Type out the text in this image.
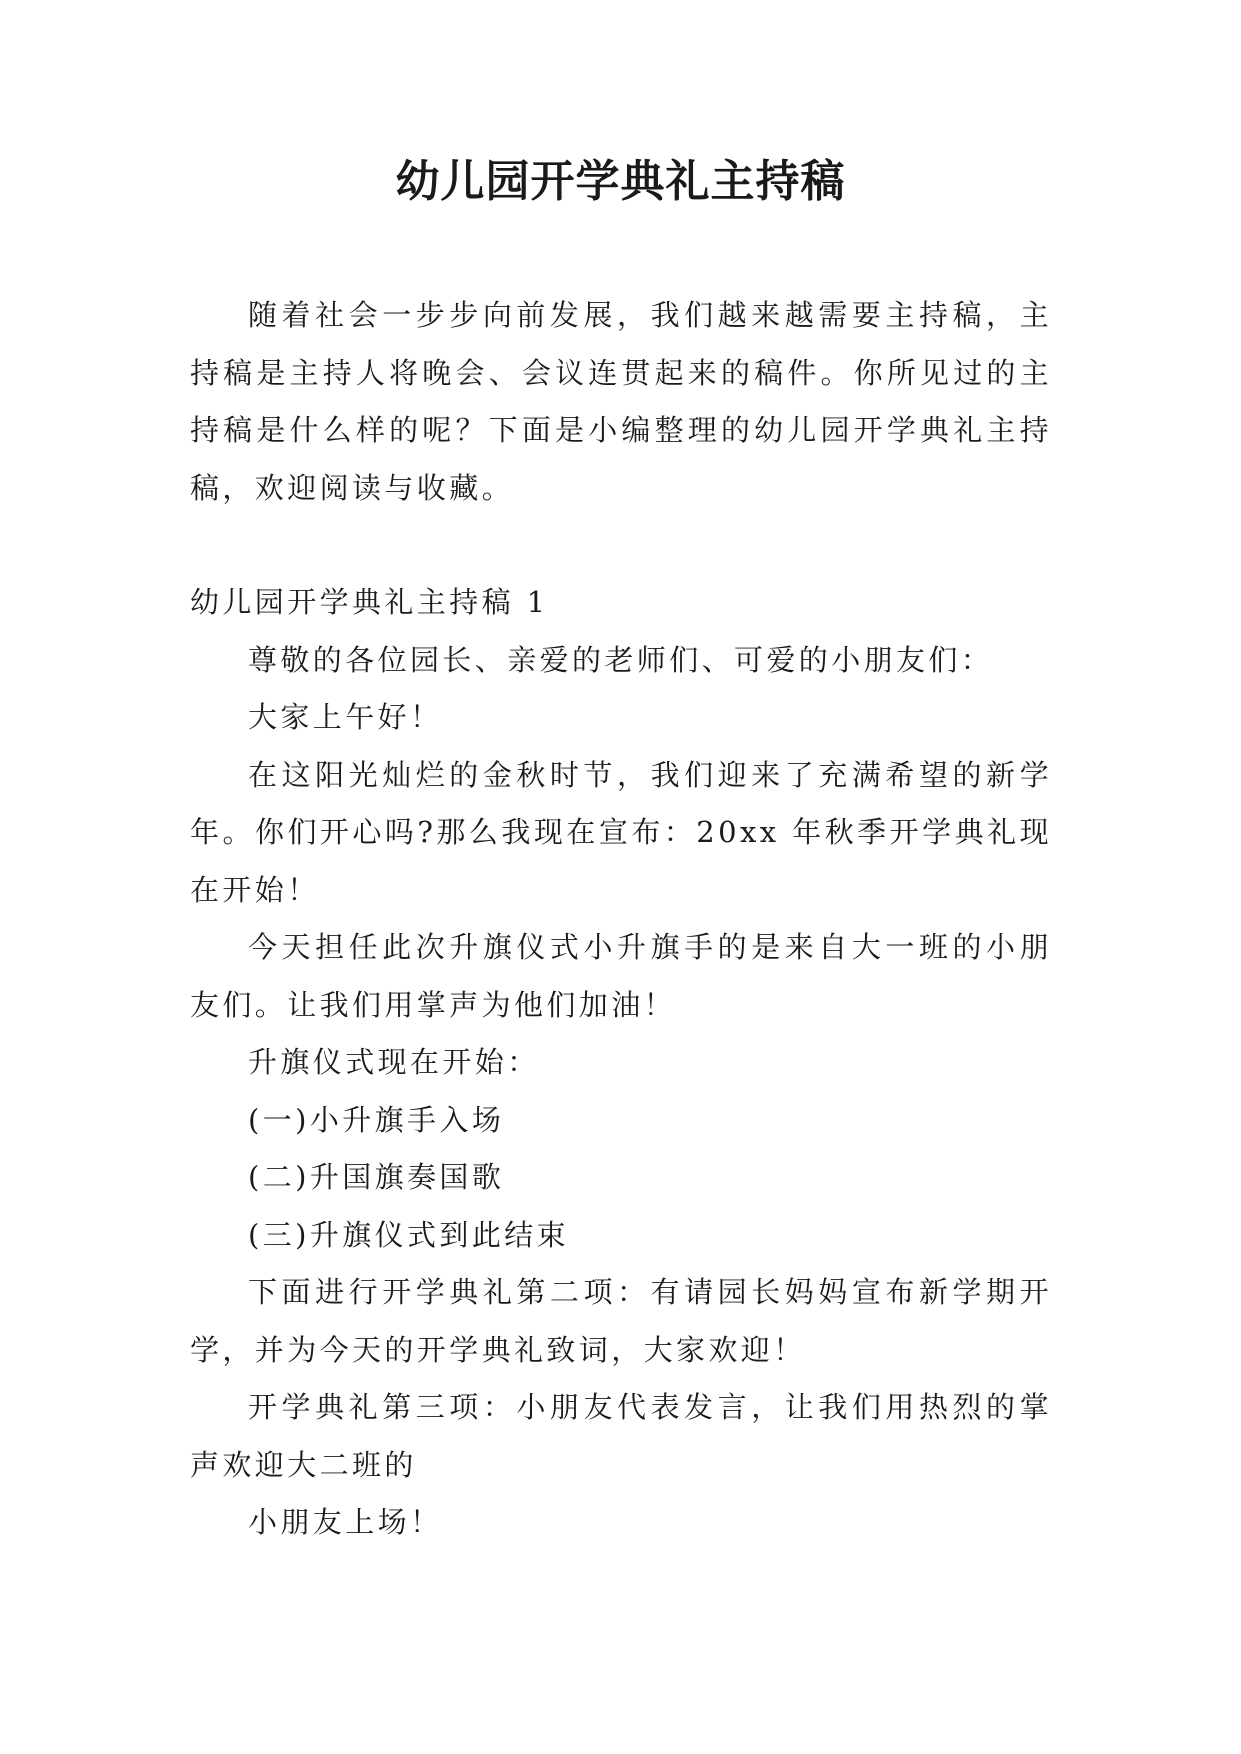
幼儿园开学典礼主持稿

随着社会一步步向前发展，我们越来越需要主持稿，主持稿是主持人将晚会、会议连贯起来的稿件。你所见过的主持稿是什么样的呢？下面是小编整理的幼儿园开学典礼主持稿，欢迎阅读与收藏。

幼儿园开学典礼主持稿 1

尊敬的各位园长、亲爱的老师们、可爱的小朋友们：

大家上午好！

在这阳光灿烂的金秋时节，我们迎来了充满希望的新学年。你们开心吗?那么我现在宣布：20xx 年秋季开学典礼现在开始！

今天担任此次升旗仪式小升旗手的是来自大一班的小朋友们。让我们用掌声为他们加油！

升旗仪式现在开始：

(一)小升旗手入场

(二)升国旗奏国歌

(三)升旗仪式到此结束

下面进行开学典礼第二项：有请园长妈妈宣布新学期开学，并为今天的开学典礼致词，大家欢迎！

开学典礼第三项：小朋友代表发言，让我们用热烈的掌声欢迎大二班的

小朋友上场！
